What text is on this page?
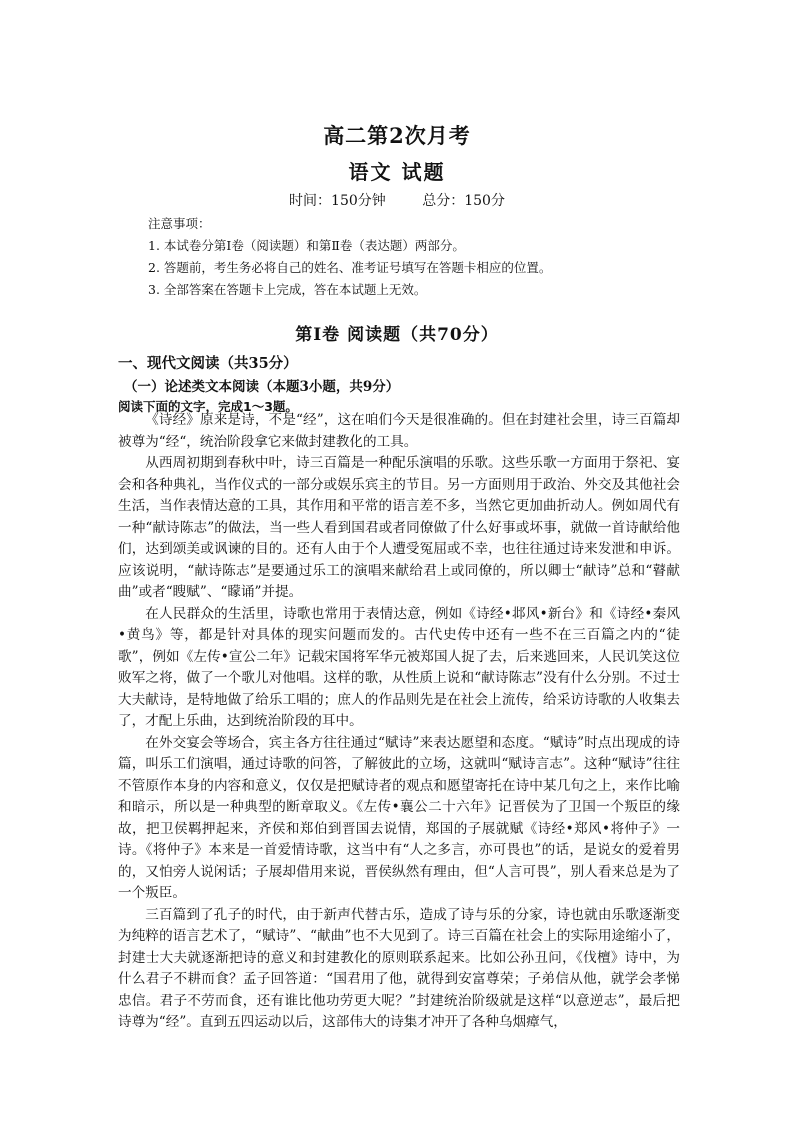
高二第2次月考
语文 试题
时间：150分钟	总分：150分
注意事项：
1. 本试卷分第Ⅰ卷（阅读题）和第Ⅱ卷（表达题）两部分。
2. 答题前，考生务必将自己的姓名、准考证号填写在答题卡相应的位置。
3. 全部答案在答题卡上完成，答在本试题上无效。
第Ⅰ卷 阅读题（共70分）
一、现代文阅读（共35分）
（一）论述类文本阅读（本题3小题，共9分）
阅读下面的文字，完成1～3题。

《诗经》原来是诗，不是“经”，这在咱们今天是很准确的。但在封建社会里，诗三百篇却被尊为“经“，统治阶段拿它来做封建教化的工具。

从西周初期到春秋中叶，诗三百篇是一种配乐演唱的乐歌。这些乐歌一方面用于祭祀、宴会和各种典礼，当作仪式的一部分或娱乐宾主的节目。另一方面则用于政治、外交及其他社会生活，当作表情达意的工具，其作用和平常的语言差不多，当然它更加曲折动人。例如周代有一种“献诗陈志”的做法，当一些人看到国君或者同僚做了什么好事或坏事，就做一首诗献给他们，达到颂美或讽谏的目的。还有人由于个人遭受冤屈或不幸，也往往通过诗来发泄和申诉。应该说明，“献诗陈志”是要通过乐工的演唱来献给君上或同僚的，所以卿士“献诗”总和“瞽献曲”或者“瞍赋”、“矇诵”并提。

在人民群众的生活里，诗歌也常用于表情达意，例如《诗经•邶风•新台》和《诗经•秦风•黄鸟》等，都是针对具体的现实问题而发的。古代史传中还有一些不在三百篇之内的“徒歌”，例如《左传•宣公二年》记载宋国将军华元被郑国人捉了去，后来逃回来，人民讥笑这位败军之将，做了一个歌儿对他唱。这样的歌，从性质上说和“献诗陈志”没有什么分别。不过士大夫献诗，是特地做了给乐工唱的；庶人的作品则先是在社会上流传，给采访诗歌的人收集去了，才配上乐曲，达到统治阶段的耳中。

在外交宴会等场合，宾主各方往往通过“赋诗”来表达愿望和态度。“赋诗”时点出现成的诗篇，叫乐工们演唱，通过诗歌的问答，了解彼此的立场，这就叫“赋诗言志”。这种“赋诗”往往不管原作本身的内容和意义，仅仅是把赋诗者的观点和愿望寄托在诗中某几句之上，来作比喻和暗示，所以是一种典型的断章取义。《左传•襄公二十六年》记晋侯为了卫国一个叛臣的缘故，把卫侯羁押起来，齐侯和郑伯到晋国去说情，郑国的子展就赋《诗经•郑风•将仲子》一诗。《将仲子》本来是一首爱情诗歌，这当中有“人之多言，亦可畏也”的话，是说女的爱着男的，又怕旁人说闲话；子展却借用来说，晋侯纵然有理由，但“人言可畏”，别人看来总是为了一个叛臣。

三百篇到了孔子的时代，由于新声代替古乐，造成了诗与乐的分家，诗也就由乐歌逐渐变为纯粹的语言艺术了，“赋诗”、“献曲”也不大见到了。诗三百篇在社会上的实际用途缩小了，封建士大夫就逐渐把诗的意义和封建教化的原则联系起来。比如公孙丑问，《伐檀》诗中，为什么君子不耕而食？孟子回答道：“国君用了他，就得到安富尊荣；子弟信从他，就学会孝悌忠信。君子不劳而食，还有谁比他功劳更大呢？”封建统治阶级就是这样“以意逆志”，最后把诗尊为“经”。直到五四运动以后，这部伟大的诗集才冲开了各种乌烟瘴气，
